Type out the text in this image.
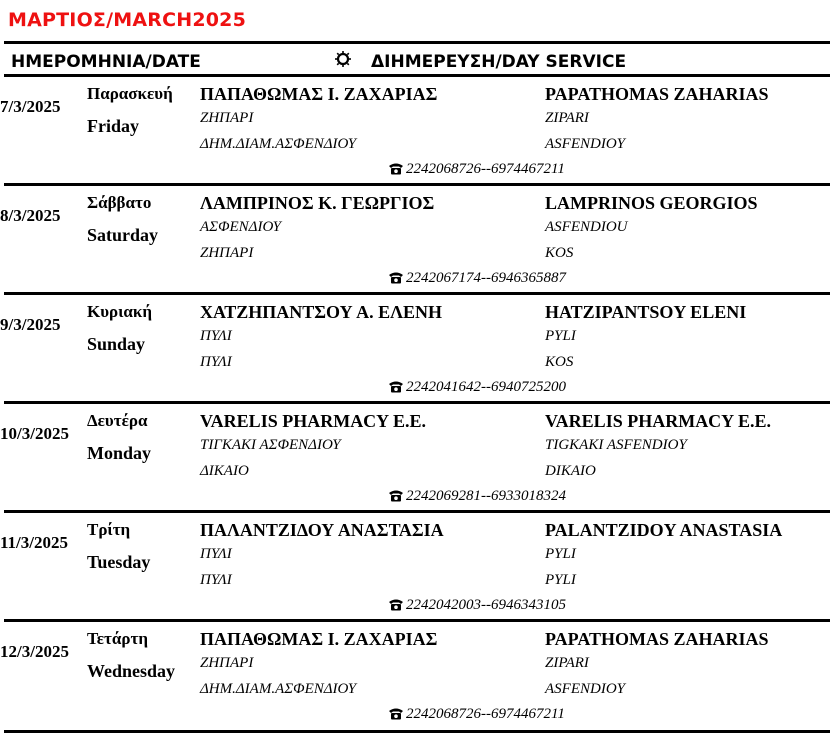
ΜΑΡΤΙΟΣ/MARCH2025
ΗΜΕΡΟΜΗΝΙΑ/DATE	ΔΙΗΜΕΡΕΥΣΗ/DAY SERVICE
7/3/2025
Παρασκευή
Friday
ΠΑΠΑΘΩΜΑΣ Ι. ΖΑΧΑΡΙΑΣ	PAPATHOMAS ZAHARIAS
ΖΗΠΑΡΙ	ZIPARI
ΔΗΜ.ΔΙΑΜ.ΑΣΦΕΝΔΙΟΥ	ASFENDIOY
2242068726--6974467211
8/3/2025
Σάββατο
Saturday
ΛΑΜΠΡΙΝΟΣ Κ. ΓΕΩΡΓΙΟΣ	LAMPRINOS GEORGIOS
ΑΣΦΕΝΔΙΟΥ	ASFENDIOU
ΖΗΠΑΡΙ	KOS
2242067174--6946365887
9/3/2025
Κυριακή
Sunday
ΧΑΤΖΗΠΑΝΤΣΟΥ Α. ΕΛΕΝΗ	HATZIPANTSOY ELENI
ΠΥΛΙ	PYLI
ΠΥΛΙ	KOS
2242041642--6940725200
10/3/2025
Δευτέρα
Monday
VARELIS PHARMACY E.E.	VARELIS PHARMACY E.E.
ΤΙΓΚΑΚΙ ΑΣΦΕΝΔΙΟΥ	TIGKAKI ASFENDIOY
ΔΙΚΑΙΟ	DIKAIO
2242069281--6933018324
11/3/2025
Τρίτη
Tuesday
ΠΑΛΑΝΤΖΙΔΟΥ ΑΝΑΣΤΑΣΙΑ	PALANTZIDOY ANASTASIA
ΠΥΛΙ	PYLI
ΠΥΛΙ	PYLI
2242042003--6946343105
12/3/2025
Τετάρτη
Wednesday
ΠΑΠΑΘΩΜΑΣ Ι. ΖΑΧΑΡΙΑΣ	PAPATHOMAS ZAHARIAS
ΖΗΠΑΡΙ	ZIPARI
ΔΗΜ.ΔΙΑΜ.ΑΣΦΕΝΔΙΟΥ	ASFENDIOY
2242068726--6974467211
